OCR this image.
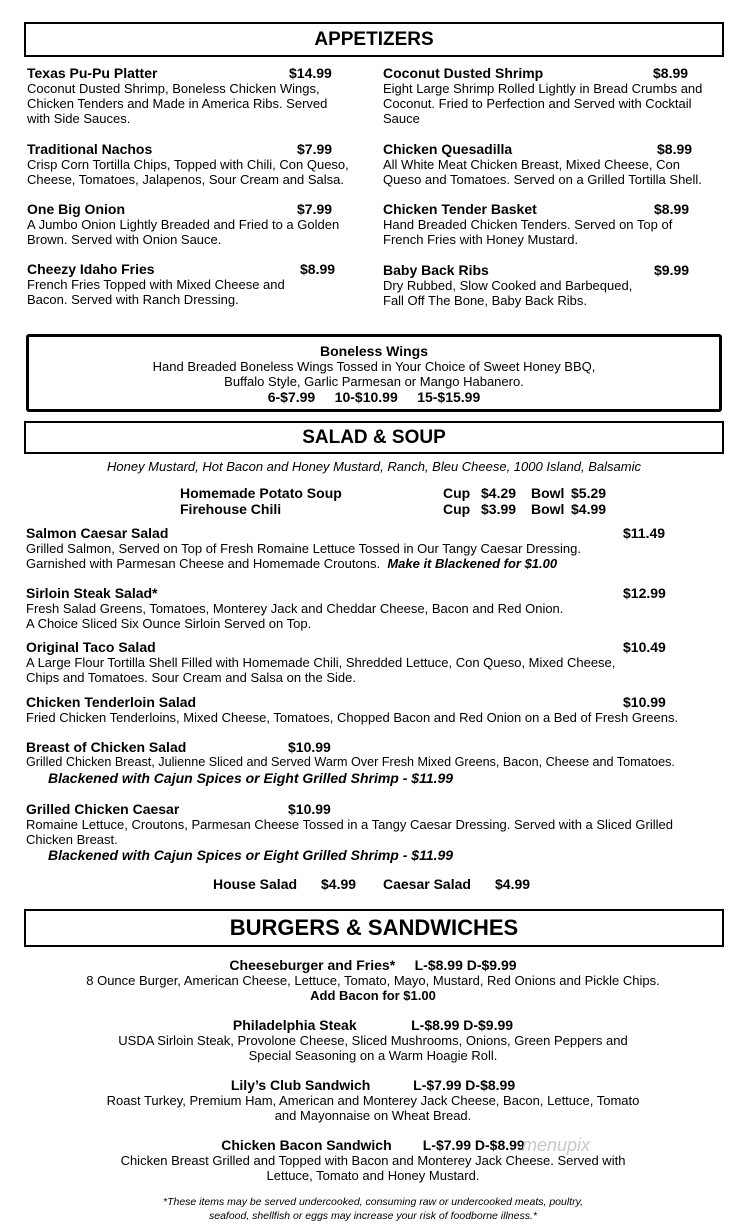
APPETIZERS
Texas Pu-Pu Platter	$14.99
Coconut Dusted Shrimp, Boneless Chicken Wings,
Chicken Tenders and Made in America Ribs. Served
with Side Sauces.
Traditional Nachos	$7.99
Crisp Corn Tortilla Chips, Topped with Chili, Con Queso,
Cheese, Tomatoes, Jalapenos, Sour Cream and Salsa.
One Big Onion	$7.99
A Jumbo Onion Lightly Breaded and Fried to a Golden
Brown. Served with Onion Sauce.
Cheezy Idaho Fries	$8.99
French Fries Topped with Mixed Cheese and
Bacon. Served with Ranch Dressing.
Coconut Dusted Shrimp	$8.99
Eight Large Shrimp Rolled Lightly in Bread Crumbs and
Coconut. Fried to Perfection and Served with Cocktail
Sauce
Chicken Quesadilla	$8.99
All White Meat Chicken Breast, Mixed Cheese, Con
Queso and Tomatoes. Served on a Grilled Tortilla Shell.
Chicken Tender Basket	$8.99
Hand Breaded Chicken Tenders. Served on Top of
French Fries with Honey Mustard.
Baby Back Ribs	$9.99
Dry Rubbed, Slow Cooked and Barbequed,
Fall Off The Bone, Baby Back Ribs.
Boneless Wings
Hand Breaded Boneless Wings Tossed in Your Choice of Sweet Honey BBQ,
Buffalo Style, Garlic Parmesan or Mango Habanero.
6-$7.99 10-$10.99 15-$15.99
SALAD & SOUP
Honey Mustard, Hot Bacon and Honey Mustard, Ranch, Bleu Cheese, 1000 Island, Balsamic
Homemade Potato Soup	Cup $4.29 Bowl $5.29
Firehouse Chili	Cup $3.99 Bowl $4.99
Salmon Caesar Salad	$11.49
Grilled Salmon, Served on Top of Fresh Romaine Lettuce Tossed in Our Tangy Caesar Dressing.
Garnished with Parmesan Cheese and Homemade Croutons. Make it Blackened for $1.00
Sirloin Steak Salad*	$12.99
Fresh Salad Greens, Tomatoes, Monterey Jack and Cheddar Cheese, Bacon and Red Onion.
A Choice Sliced Six Ounce Sirloin Served on Top.
Original Taco Salad	$10.49
A Large Flour Tortilla Shell Filled with Homemade Chili, Shredded Lettuce, Con Queso, Mixed Cheese,
Chips and Tomatoes. Sour Cream and Salsa on the Side.
Chicken Tenderloin Salad	$10.99
Fried Chicken Tenderloins, Mixed Cheese, Tomatoes, Chopped Bacon and Red Onion on a Bed of Fresh Greens.
Breast of Chicken Salad	$10.99
Grilled Chicken Breast, Julienne Sliced and Served Warm Over Fresh Mixed Greens, Bacon, Cheese and Tomatoes.
Blackened with Cajun Spices or Eight Grilled Shrimp - $11.99
Grilled Chicken Caesar	$10.99
Romaine Lettuce, Croutons, Parmesan Cheese Tossed in a Tangy Caesar Dressing. Served with a Sliced Grilled
Chicken Breast.
Blackened with Cajun Spices or Eight Grilled Shrimp - $11.99
House Salad $4.99 Caesar Salad $4.99
BURGERS & SANDWICHES
Cheeseburger and Fries* L-$8.99 D-$9.99
8 Ounce Burger, American Cheese, Lettuce, Tomato, Mayo, Mustard, Red Onions and Pickle Chips.
Add Bacon for $1.00
Philadelphia Steak	L-$8.99 D-$9.99
USDA Sirloin Steak, Provolone Cheese, Sliced Mushrooms, Onions, Green Peppers and
Special Seasoning on a Warm Hoagie Roll.
Lily’s Club Sandwich	L-$7.99 D-$8.99
Roast Turkey, Premium Ham, American and Monterey Jack Cheese, Bacon, Lettuce, Tomato
and Mayonnaise on Wheat Bread.
Chicken Bacon Sandwich L-$7.99 D-$8.99
Chicken Breast Grilled and Topped with Bacon and Monterey Jack Cheese. Served with
Lettuce, Tomato and Honey Mustard.
menupix
*These items may be served undercooked, consuming raw or undercooked meats, poultry,
seafood, shellfish or eggs may increase your risk of foodborne illness.*
